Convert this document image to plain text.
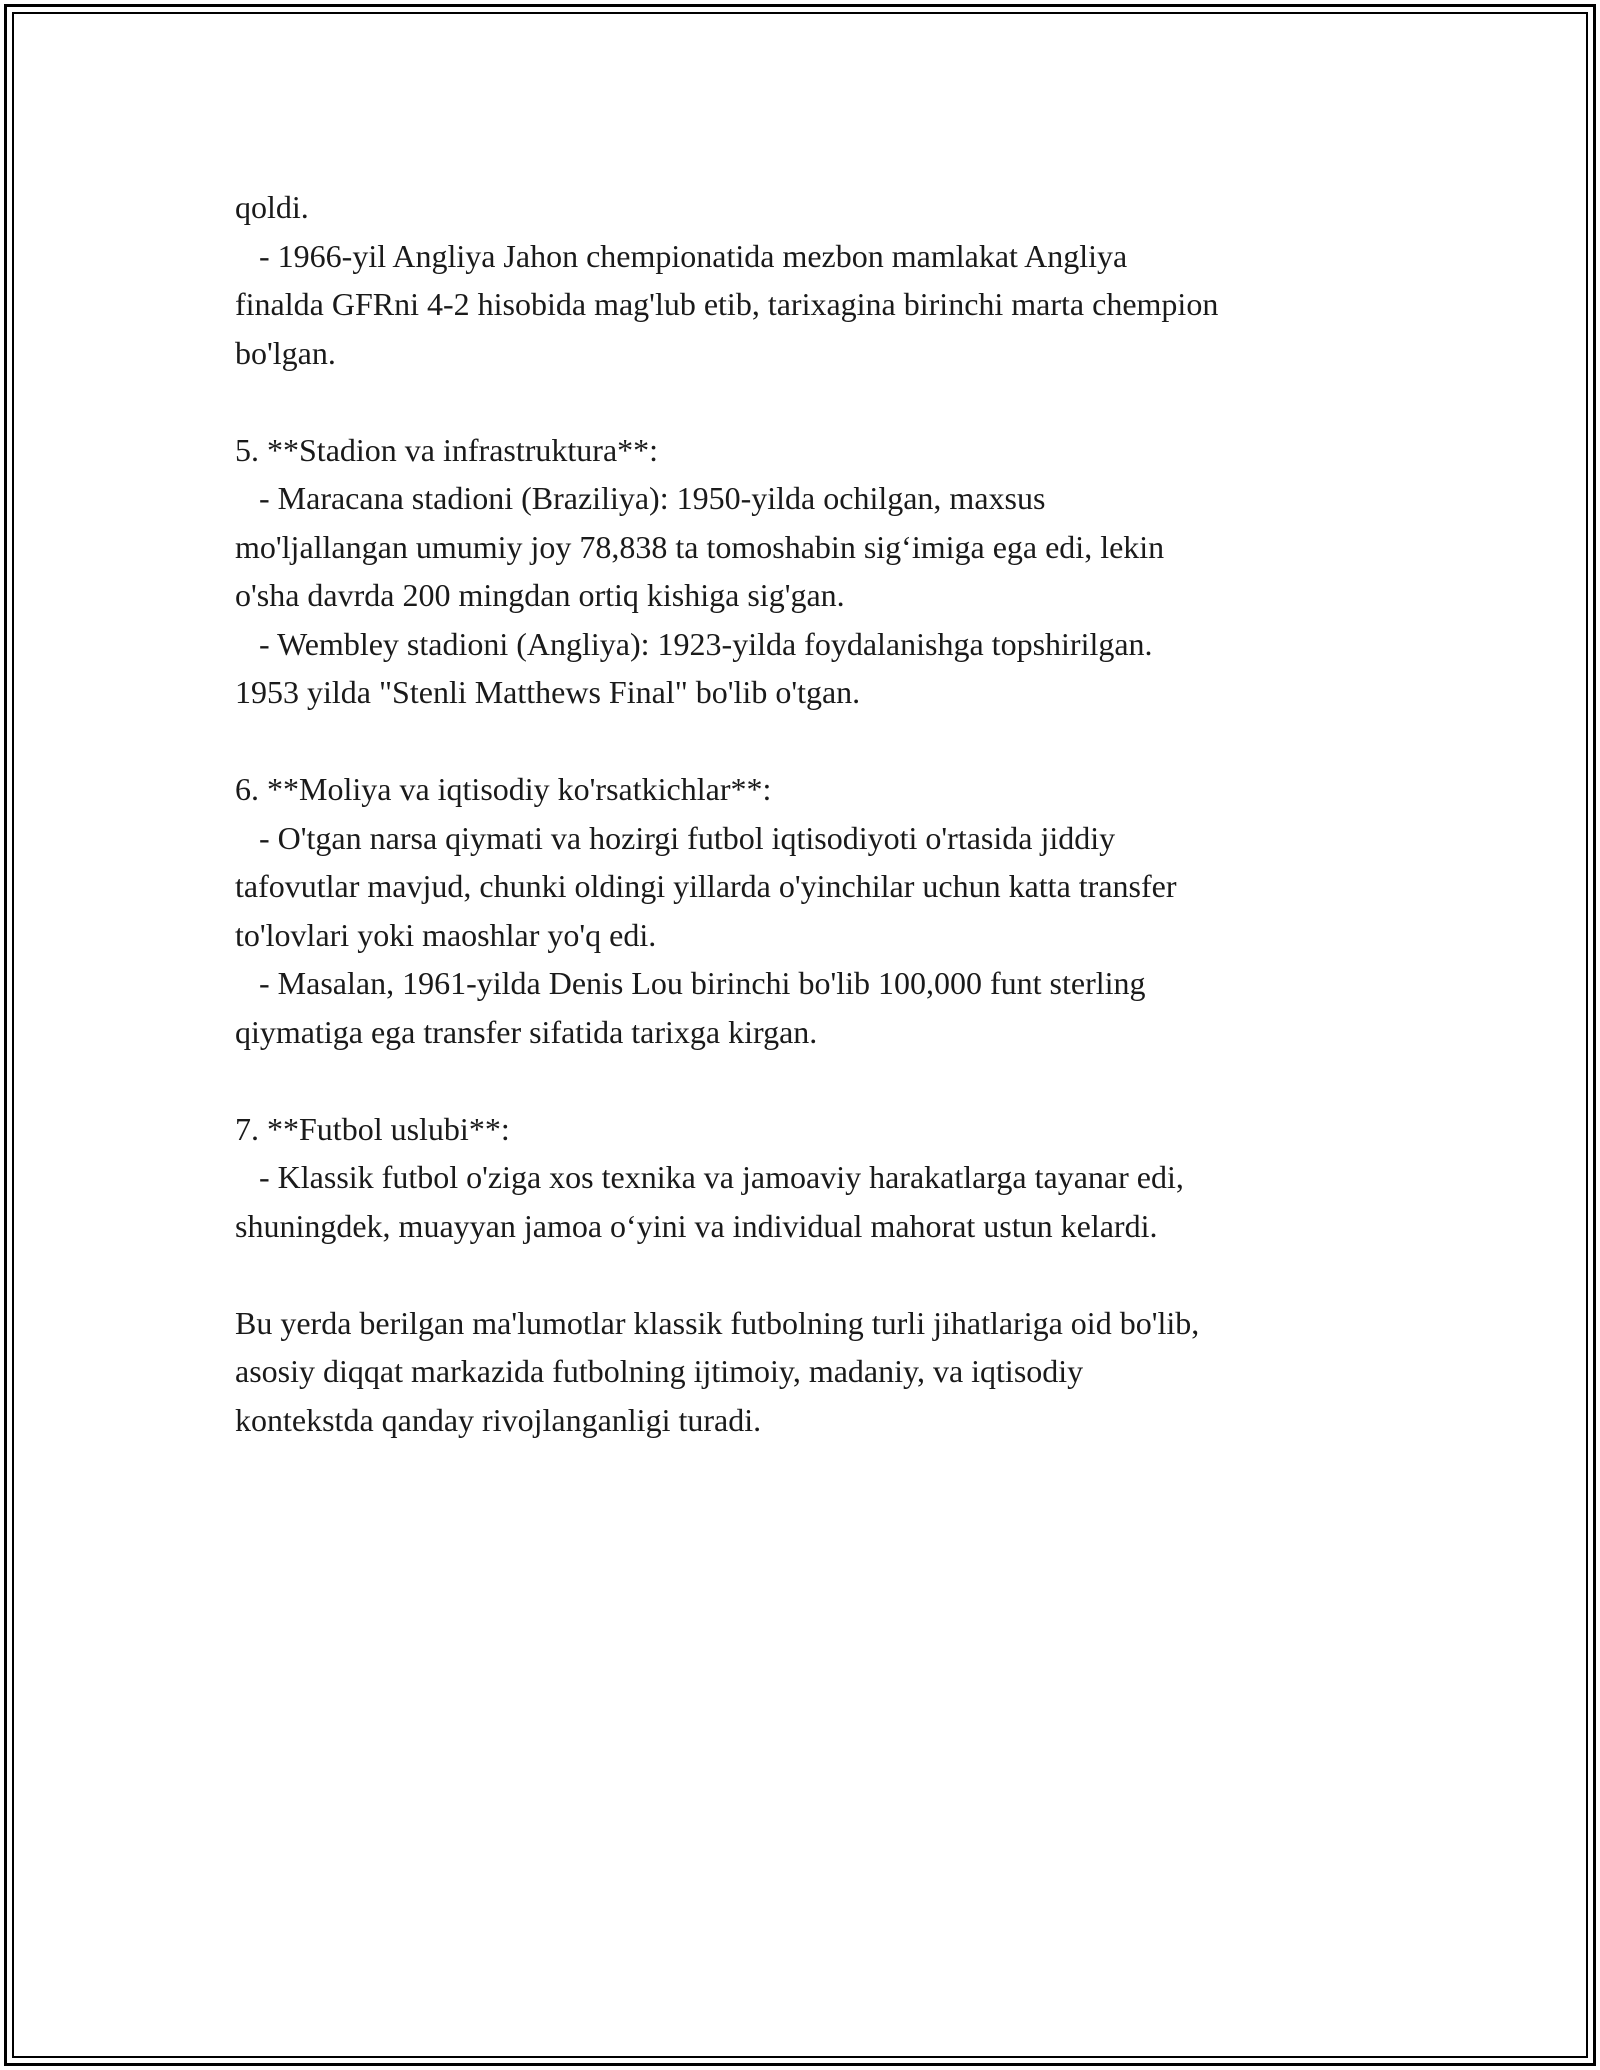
qoldi.
- 1966-yil Angliya Jahon chempionatida mezbon mamlakat Angliya
finalda GFRni 4-2 hisobida mag'lub etib, tarixagina birinchi marta chempion
bo'lgan.
5. **Stadion va infrastruktura**:
- Maracana stadioni (Braziliya): 1950-yilda ochilgan, maxsus
mo'ljallangan umumiy joy 78,838 ta tomoshabin sig‘imiga ega edi, lekin
o'sha davrda 200 mingdan ortiq kishiga sig'gan.
- Wembley stadioni (Angliya): 1923-yilda foydalanishga topshirilgan.
1953 yilda "Stenli Matthews Final" bo'lib o'tgan.
6. **Moliya va iqtisodiy ko'rsatkichlar**:
- O'tgan narsa qiymati va hozirgi futbol iqtisodiyoti o'rtasida jiddiy
tafovutlar mavjud, chunki oldingi yillarda o'yinchilar uchun katta transfer
to'lovlari yoki maoshlar yo'q edi.
- Masalan, 1961-yilda Denis Lou birinchi bo'lib 100,000 funt sterling
qiymatiga ega transfer sifatida tarixga kirgan.
7. **Futbol uslubi**:
- Klassik futbol o'ziga xos texnika va jamoaviy harakatlarga tayanar edi,
shuningdek, muayyan jamoa o‘yini va individual mahorat ustun kelardi.
Bu yerda berilgan ma'lumotlar klassik futbolning turli jihatlariga oid bo'lib,
asosiy diqqat markazida futbolning ijtimoiy, madaniy, va iqtisodiy
kontekstda qanday rivojlanganligi turadi.
